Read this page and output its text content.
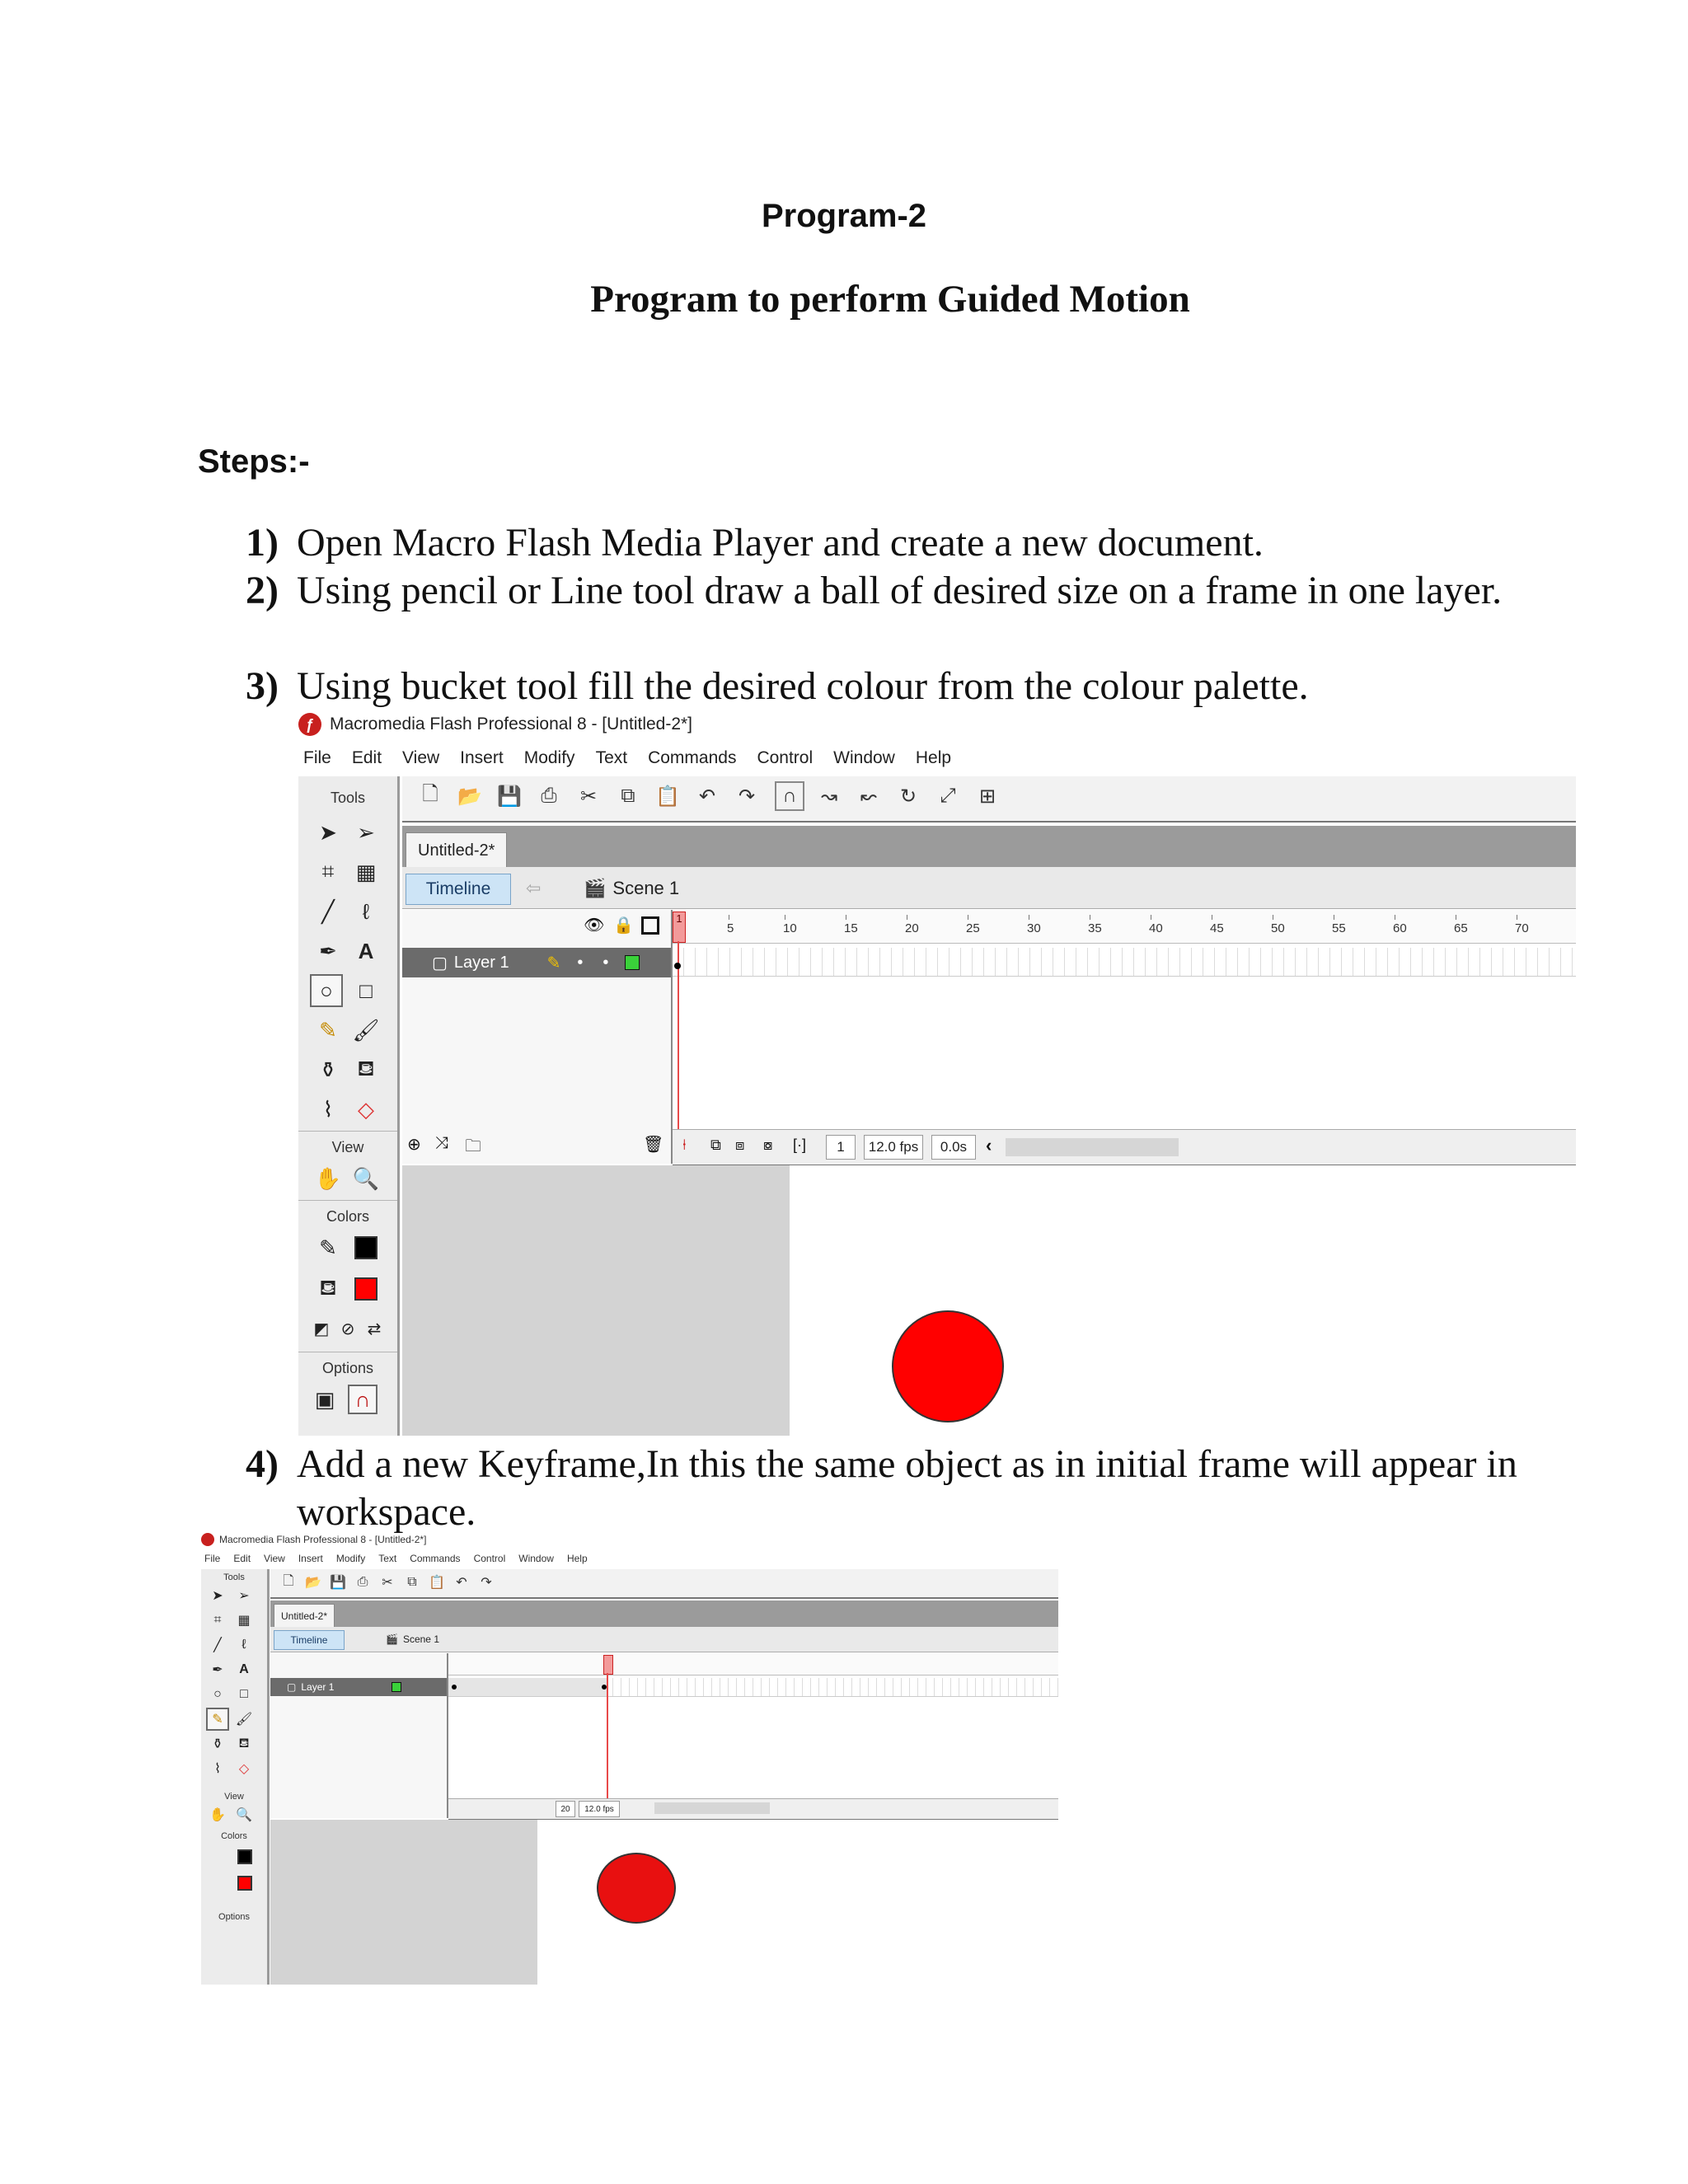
Program-2
Program to perform Guided Motion
Steps:-
1) Open Macro Flash Media Player and create a new document.
2) Using pencil or Line tool draw a ball of desired size on a frame in one layer.
3) Using bucket tool fill the desired colour from the colour palette.
ƒ Macromedia Flash Professional 8 - [Untitled-2*]
File Edit View Insert Modify Text Commands Control Window Help
Tools
➤ ➢
⌗	▦
╱	ℓ
✒ A
○	□
✎ 🖌
⚱ ⛾
⌇	◇
View
✋ 🔍
Colors
✎
⛾
◩ ⊘ ⇄
Options
▣ ∩
🗋 📂 💾 ⎙	✂	⧉	📋 ↶	↷	∩	↝	↜	↻	⤢	⊞
Untitled-2*
Timeline	⇦ 🎬 Scene 1
👁 🔒
▢ Layer 1 ✎ • •
⊕ ⤨ 🗀	🗑
5	10	15	20	25	30	35	40	45	50	55	60	65	70
1
⍿ ⧉ ⧈ ⧇ [·]	1	12.0 fps	0.0s	‹
4) Add a new Keyframe,In this the same object as in initial frame will appear in workspace.
Macromedia Flash Professional 8 - [Untitled-2*]
File Edit View Insert Modify Text Commands Control Window Help
Tools
➤	➢
⌗	▦
╱	ℓ
✒	A
○	□
✎ 🖌
⚱	⛾
⌇	◇
View
✋ 🔍
Colors
Options
🗋 📂 💾 ⎙	✂	⧉ 📋 ↶	↷
Untitled-2*
Timeline	🎬 Scene 1
▢ Layer 1
20	12.0 fps
